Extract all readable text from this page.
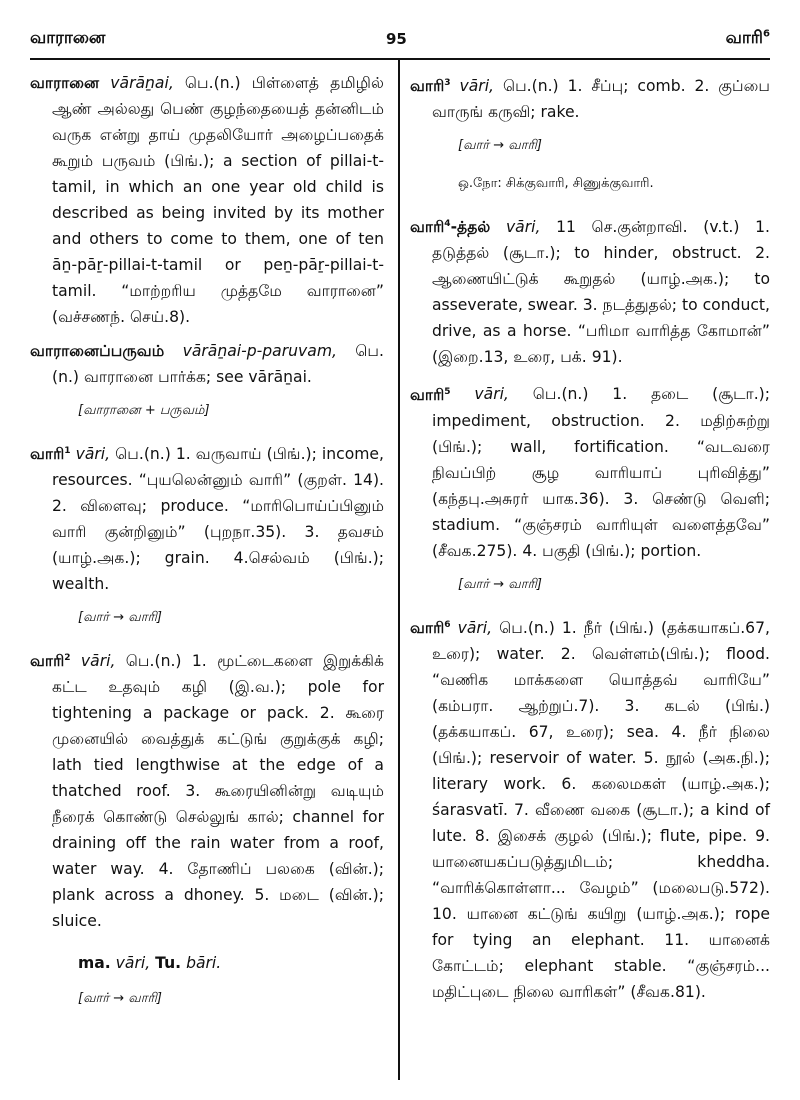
வாரானை	95	வாரி$^6$

வாரானை vārāṉai, பெ.(n.) பிள்ளைத் தமிழில் ஆண் அல்லது பெண் குழந்தையைத் தன்னிடம் வருக என்று தாய் முதலியோர் அழைப்பதைக் கூறும் பருவம் (பிங்.); a section of pillai-t-tamil, in which an one year old child is described as being invited by its mother and others to come to them, one of ten āṉ-pāṟ-pillai-t-tamil or peṉ-pāṟ-pillai-t-tamil. “மாற்றரிய முத்தமே வாரானை” (வச்சணந். செய்.8).

வாரானைப்பருவம் vārāṉai-p-paruvam, பெ.(n.) வாரானை பார்க்க; see vārāṉai.

[வாரானை + பருவம்]

வாரி$^1$ vāri, பெ.(n.) 1. வருவாய் (பிங்.); income, resources. “புயலென்னும் வாரி” (குறள். 14). 2. விளைவு; produce. “மாரிபொய்ப்பினும் வாரி குன்றினும்” (புறநா.35). 3. தவசம் (யாழ்.அக.); grain. 4.செல்வம் (பிங்.); wealth.

[வார் → வாரி]

வாரி$^2$ vāri, பெ.(n.) 1. மூட்டைகளை இறுக்கிக் கட்ட உதவும் கழி (இ.வ.); pole for tightening a package or pack. 2. கூரை முனையில் வைத்துக் கட்டுங் குறுக்குக் கழி; lath tied lengthwise at the edge of a thatched roof. 3. கூரையினின்று வடியும் நீரைக் கொண்டு செல்லுங் கால்; channel for draining off the rain water from a roof, water way. 4. தோணிப் பலகை (வின்.); plank across a dhoney. 5. மடை (வின்.); sluice.

ma. vāri, Tu. bāri.
[வார் → வாரி]

வாரி$^3$ vāri, பெ.(n.) 1. சீப்பு; comb. 2. குப்பை வாருங் கருவி; rake.

[வார் → வாரி]
ஒ.நோ: சிக்குவாரி, சிணுக்குவாரி.

வாரி$^4$-த்தல் vāri, 11 செ.குன்றாவி. (v.t.) 1. தடுத்தல் (சூடா.); to hinder, obstruct. 2. ஆணையிட்டுக் கூறுதல் (யாழ்.அக.); to asseverate, swear. 3. நடத்துதல்; to conduct, drive, as a horse. “பரிமா வாரித்த கோமான்” (இறை.13, உரை, பக். 91).

வாரி$^5$ vāri, பெ.(n.) 1. தடை (சூடா.); impediment, obstruction. 2. மதிற்சுற்று (பிங்.); wall, fortification. “வடவரை நிவப்பிற் சூழ வாரியாப் புரிவித்து” (கந்தபு.அசுரர் யாக.36). 3. செண்டு வெளி; stadium. “குஞ்சரம் வாரியுள் வளைத்தவே” (சீவக.275). 4. பகுதி (பிங்.); portion.

[வார் → வாரி]

வாரி$^6$ vāri, பெ.(n.) 1. நீர் (பிங்.) (தக்கயாகப்.67, உரை); water. 2. வெள்ளம்(பிங்.); flood. “வணிக மாக்களை யொத்தவ் வாரியே” (கம்பரா. ஆற்றுப்.7). 3. கடல் (பிங்.) (தக்கயாகப். 67, உரை); sea. 4. நீர் நிலை (பிங்.); reservoir of water. 5. நூல் (அக.நி.); literary work. 6. கலைமகள் (யாழ்.அக.); śarasvatī. 7. வீணை வகை (சூடா.); a kind of lute. 8. இசைக் குழல் (பிங்.); flute, pipe. 9. யானையகப்படுத்துமிடம்; kheddha. “வாரிக்கொள்ளா... வேழம்” (மலைபடு.572). 10. யானை கட்டுங் கயிறு (யாழ்.அக.); rope for tying an elephant. 11. யானைக் கோட்டம்; elephant stable. “குஞ்சரம்... மதிட்புடை நிலை வாரிகள்” (சீவக.81).
